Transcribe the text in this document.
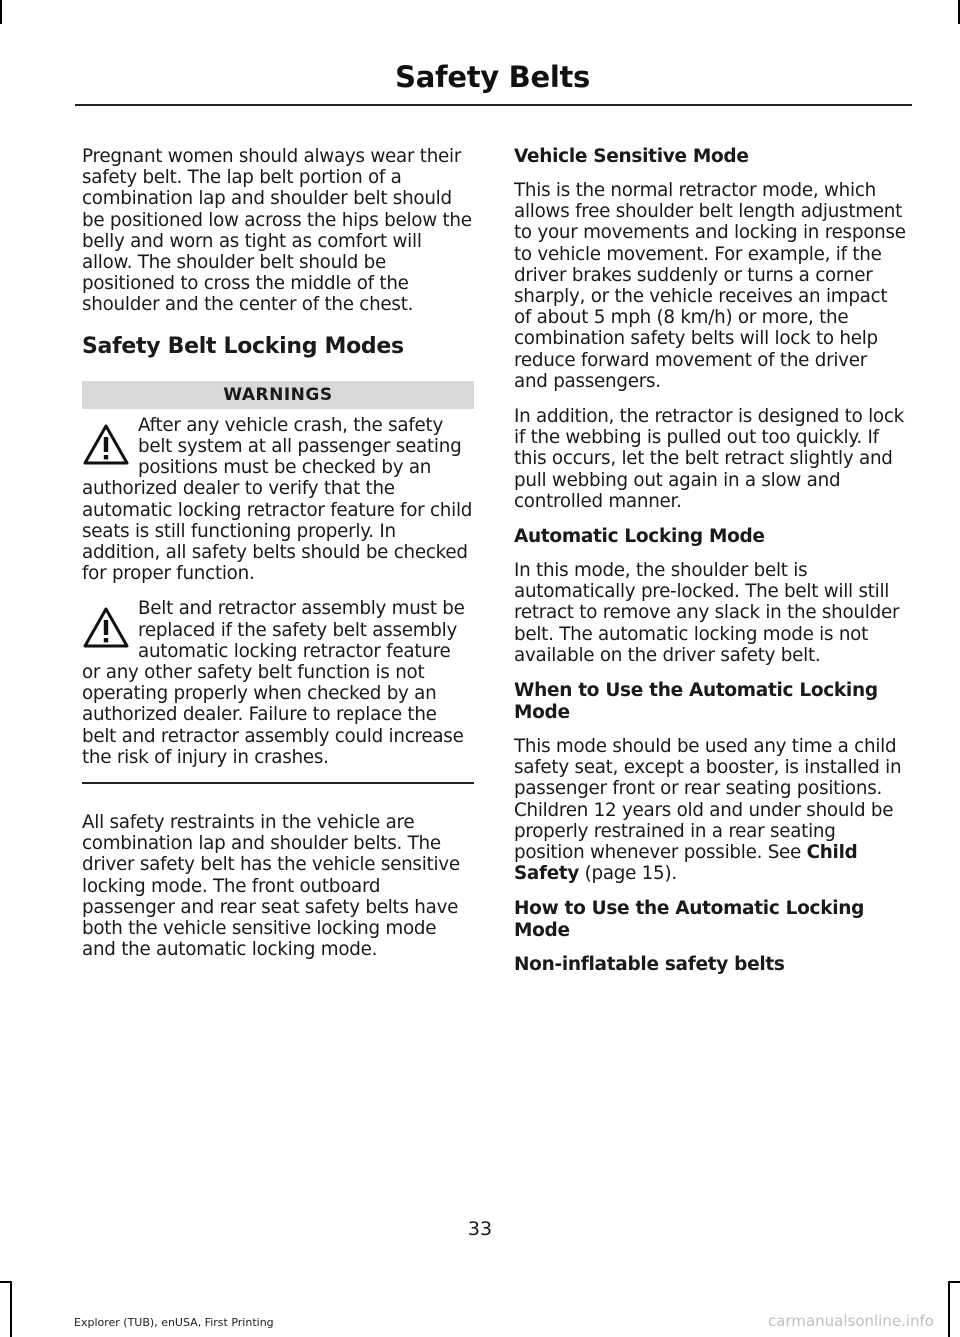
Safety Belts

Pregnant women should always wear their safety belt. The lap belt portion of a combination lap and shoulder belt should be positioned low across the hips below the belly and worn as tight as comfort will allow. The shoulder belt should be positioned to cross the middle of the shoulder and the center of the chest.

Safety Belt Locking Modes
WARNINGS

After any vehicle crash, the safety belt system at all passenger seating positions must be checked by an authorized dealer to verify that the automatic locking retractor feature for child seats is still functioning properly. In addition, all safety belts should be checked for proper function.

Belt and retractor assembly must be replaced if the safety belt assembly automatic locking retractor feature or any other safety belt function is not operating properly when checked by an authorized dealer. Failure to replace the belt and retractor assembly could increase the risk of injury in crashes.

All safety restraints in the vehicle are combination lap and shoulder belts. The driver safety belt has the vehicle sensitive locking mode. The front outboard passenger and rear seat safety belts have both the vehicle sensitive locking mode and the automatic locking mode.

Vehicle Sensitive Mode

This is the normal retractor mode, which allows free shoulder belt length adjustment to your movements and locking in response to vehicle movement. For example, if the driver brakes suddenly or turns a corner sharply, or the vehicle receives an impact of about 5 mph (8 km/h) or more, the combination safety belts will lock to help reduce forward movement of the driver and passengers.

In addition, the retractor is designed to lock if the webbing is pulled out too quickly. If this occurs, let the belt retract slightly and pull webbing out again in a slow and controlled manner.

Automatic Locking Mode

In this mode, the shoulder belt is automatically pre-locked. The belt will still retract to remove any slack in the shoulder belt. The automatic locking mode is not available on the driver safety belt.

When to Use the Automatic Locking Mode

This mode should be used any time a child safety seat, except a booster, is installed in passenger front or rear seating positions. Children 12 years old and under should be properly restrained in a rear seating position whenever possible. See Child Safety (page 15).

How to Use the Automatic Locking Mode
Non-inflatable safety belts
33
Explorer (TUB), enUSA, First Printing	carmanualsonline.info
